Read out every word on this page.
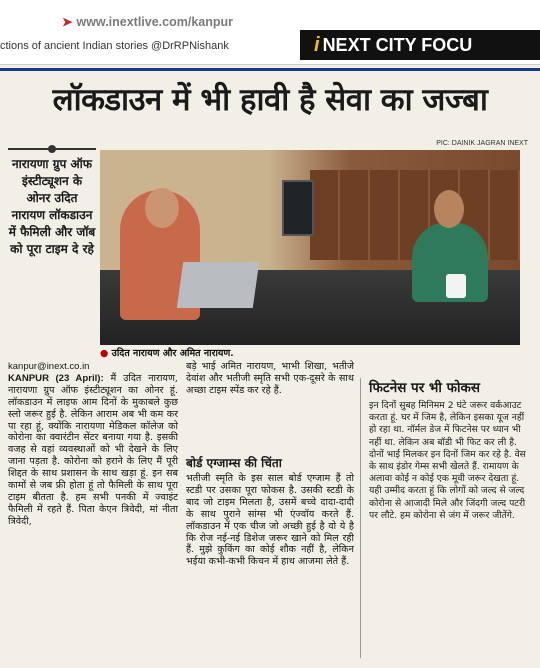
➤ www.inextlive.com/kanpur
ctions of ancient Indian stories @DrRPNishank	i NEXT CITY FOCU
लॉकडाउन में भी हावी है सेवा का जज्बा
PIC: DAINIK JAGRAN INEXT
नारायणा ग्रुप ऑफ इंस्टीट्यूशन के ओनर उदित नारायण लॉकडाउन में फैमिली और जॉब को पूरा टाइम दे रहे
● उदित नारायण और अमित नारायण.
kanpur@inext.co.in
KANPUR (23 April): मैं उदित नारायण, नारायणा ग्रुप ऑफ इंस्टीट्यूशन का ओनर हूं. लॉकडाउन में लाइफ आम दिनों के मुकाबले कुछ स्लो जरूर हुई है. लेकिन आराम अब भी कम कर पा रहा हूं, क्योंकि नारायणा मेडिकल कॉलेज को कोरोना का क्वारंटीन सेंटर बनाया गया है. इसकी वजह से वहां व्यवस्थाओं को भी देखने के लिए जाना पड़ता है. कोरोना को हराने के लिए मैं पूरी शिद्दत के साथ प्रशासन के साथ खड़ा हूं. इन सब कामों से जब फ्री होता हूं तो फैमिली के साथ पूरा टाइम बीतता है. हम सभी पनकी में ज्वाइंट फैमिली में रहते हैं. पिता केएन त्रिवेदी, मां नीता त्रिवेदी,
बड़े भाई अमित नारायण, भाभी शिखा, भतीजे देवांश और भतीजी स्मृति सभी एक-दूसरे के साथ अच्छा टाइम स्पेंड कर रहे हैं.
बोर्ड एग्जाम्स की चिंता
भतीजी स्मृति के इस साल बोर्ड एग्जाम हैं तो स्टडी पर उसका पूरा फोकस है. उसकी स्टडी के बाद जो टाइम मिलता है, उसमें बच्चे दादा-दादी के साथ पुराने सांग्स भी एंज्वॉय करते हैं. लॉकडाउन में एक चीज जो अच्छी हुई है वो ये है कि रोज नई-नई डिशेज जरूर खाने को मिल रही हैं. मुझे कुकिंग का कोई शौक नहीं है, लेकिन भईया कभी-कभी किचन में हाथ आजमा लेते हैं.
फिटनेस पर भी फोकस

इन दिनों सुबह मिनिमम 2 घंटे जरूर वर्कआउट करता हूं. घर में जिम है, लेकिन इसका यूज नहीं हो रहा था. नॉर्मल डेज में फिटनेस पर ध्यान भी नहीं था. लेकिन अब बॉडी भी फिट कर ली है. दोनों भाई मिलकर इन दिनों जिम कर रहे है. वेस के साथ इंडोर गेम्स सभी खेलते हैं. रामायण के अलावा कोई न कोई एक मूवी जरूर देखता हूं. यही उम्मीद करता हूं कि लोगों को जल्द से जल्द कोरोना से आजादी मिले और जिंदगी जल्द पटरी पर लौटे. हम कोरोना से जंग में जरूर जीतेंगे.
